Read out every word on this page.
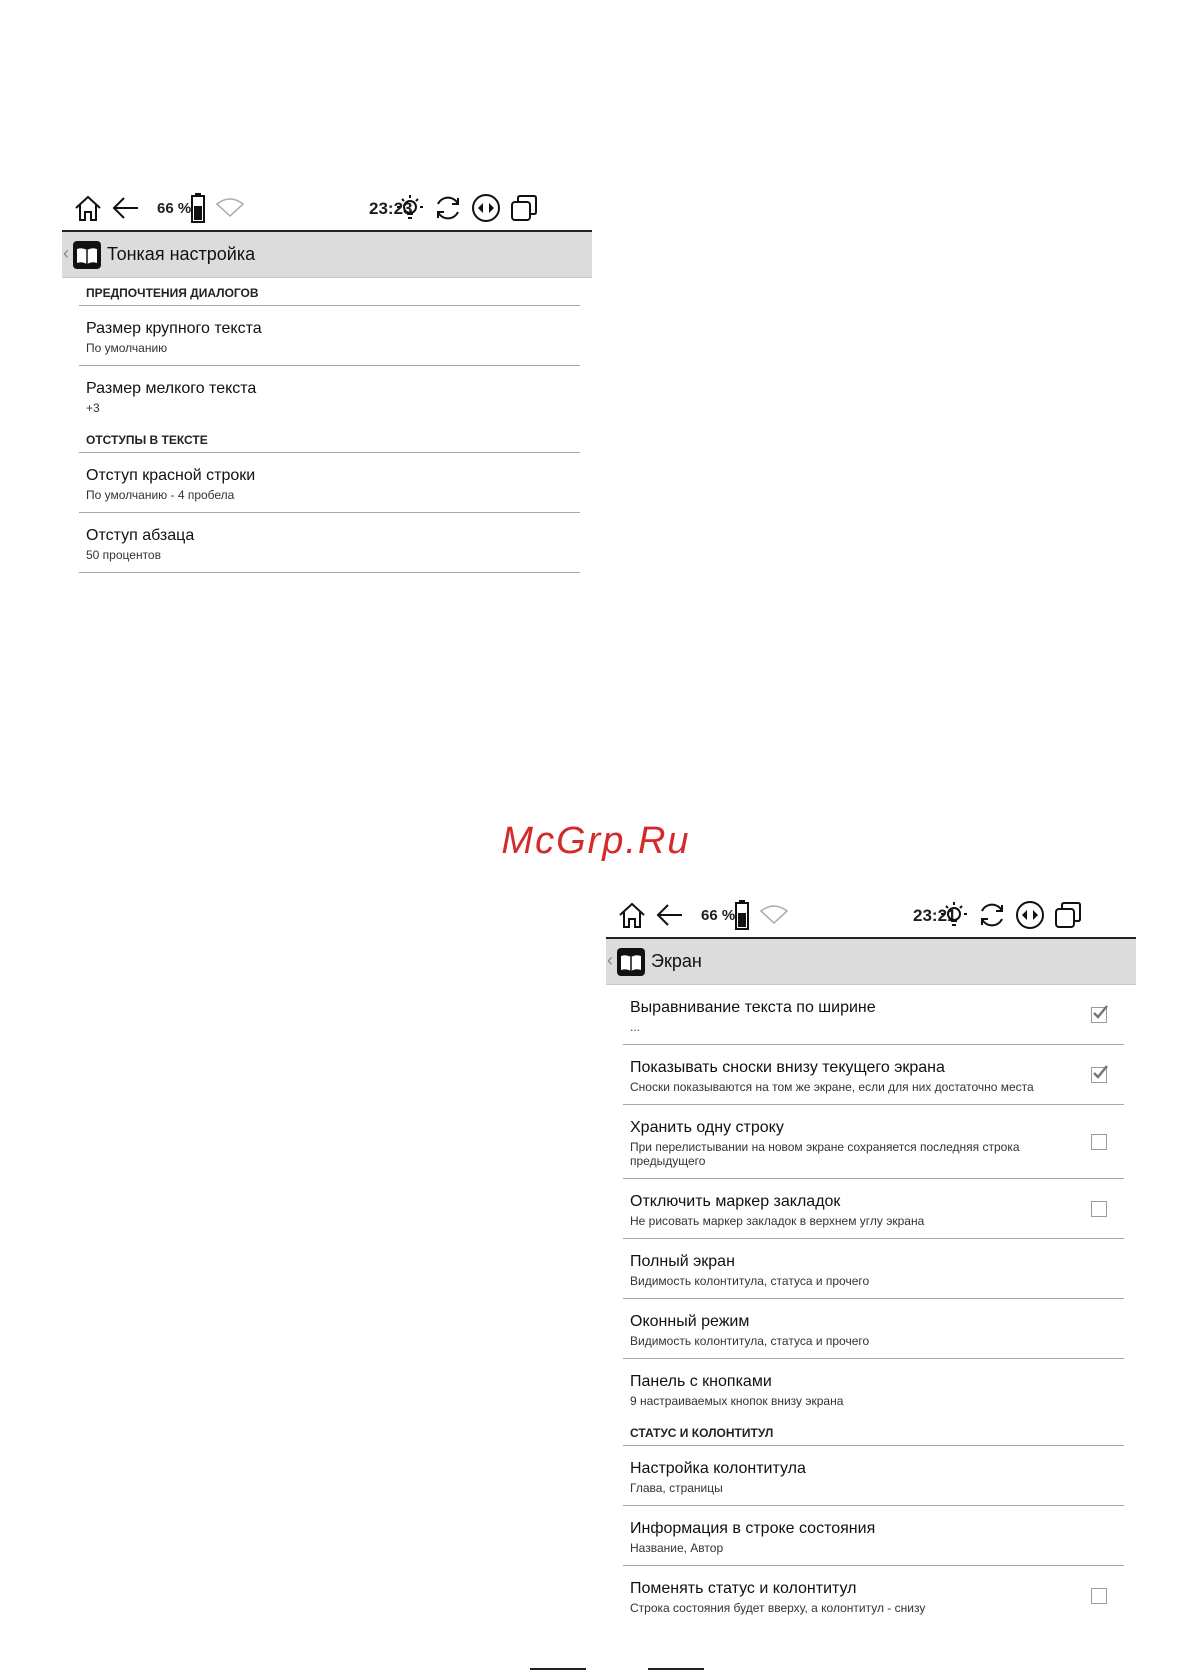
66 %	23:23
‹ Тонкая настройка
ПРЕДПОЧТЕНИЯ ДИАЛОГОВ
Размер крупного текста
По умолчанию
Размер мелкого текста
+3
ОТСТУПЫ В ТЕКСТЕ
Отступ красной строки
По умолчанию - 4 пробела
Отступ абзаца
50 процентов
McGrp.Ru
66 %	23:21
‹ Экран
Выравнивание текста по ширине
...
Показывать сноски внизу текущего экрана
Сноски показываются на том же экране, если для них достаточно места
Хранить одну строку
При перелистывании на новом экране сохраняется последняя строка предыдущего
Отключить маркер закладок
Не рисовать маркер закладок в верхнем углу экрана
Полный экран
Видимость колонтитула, статуса и прочего
Оконный режим
Видимость колонтитула, статуса и прочего
Панель с кнопками
9 настраиваемых кнопок внизу экрана
СТАТУС И КОЛОНТИТУЛ
Настройка колонтитула
Глава, страницы
Информация в строке состояния
Название, Автор
Поменять статус и колонтитул
Строка состояния будет вверху, а колонтитул - снизу
